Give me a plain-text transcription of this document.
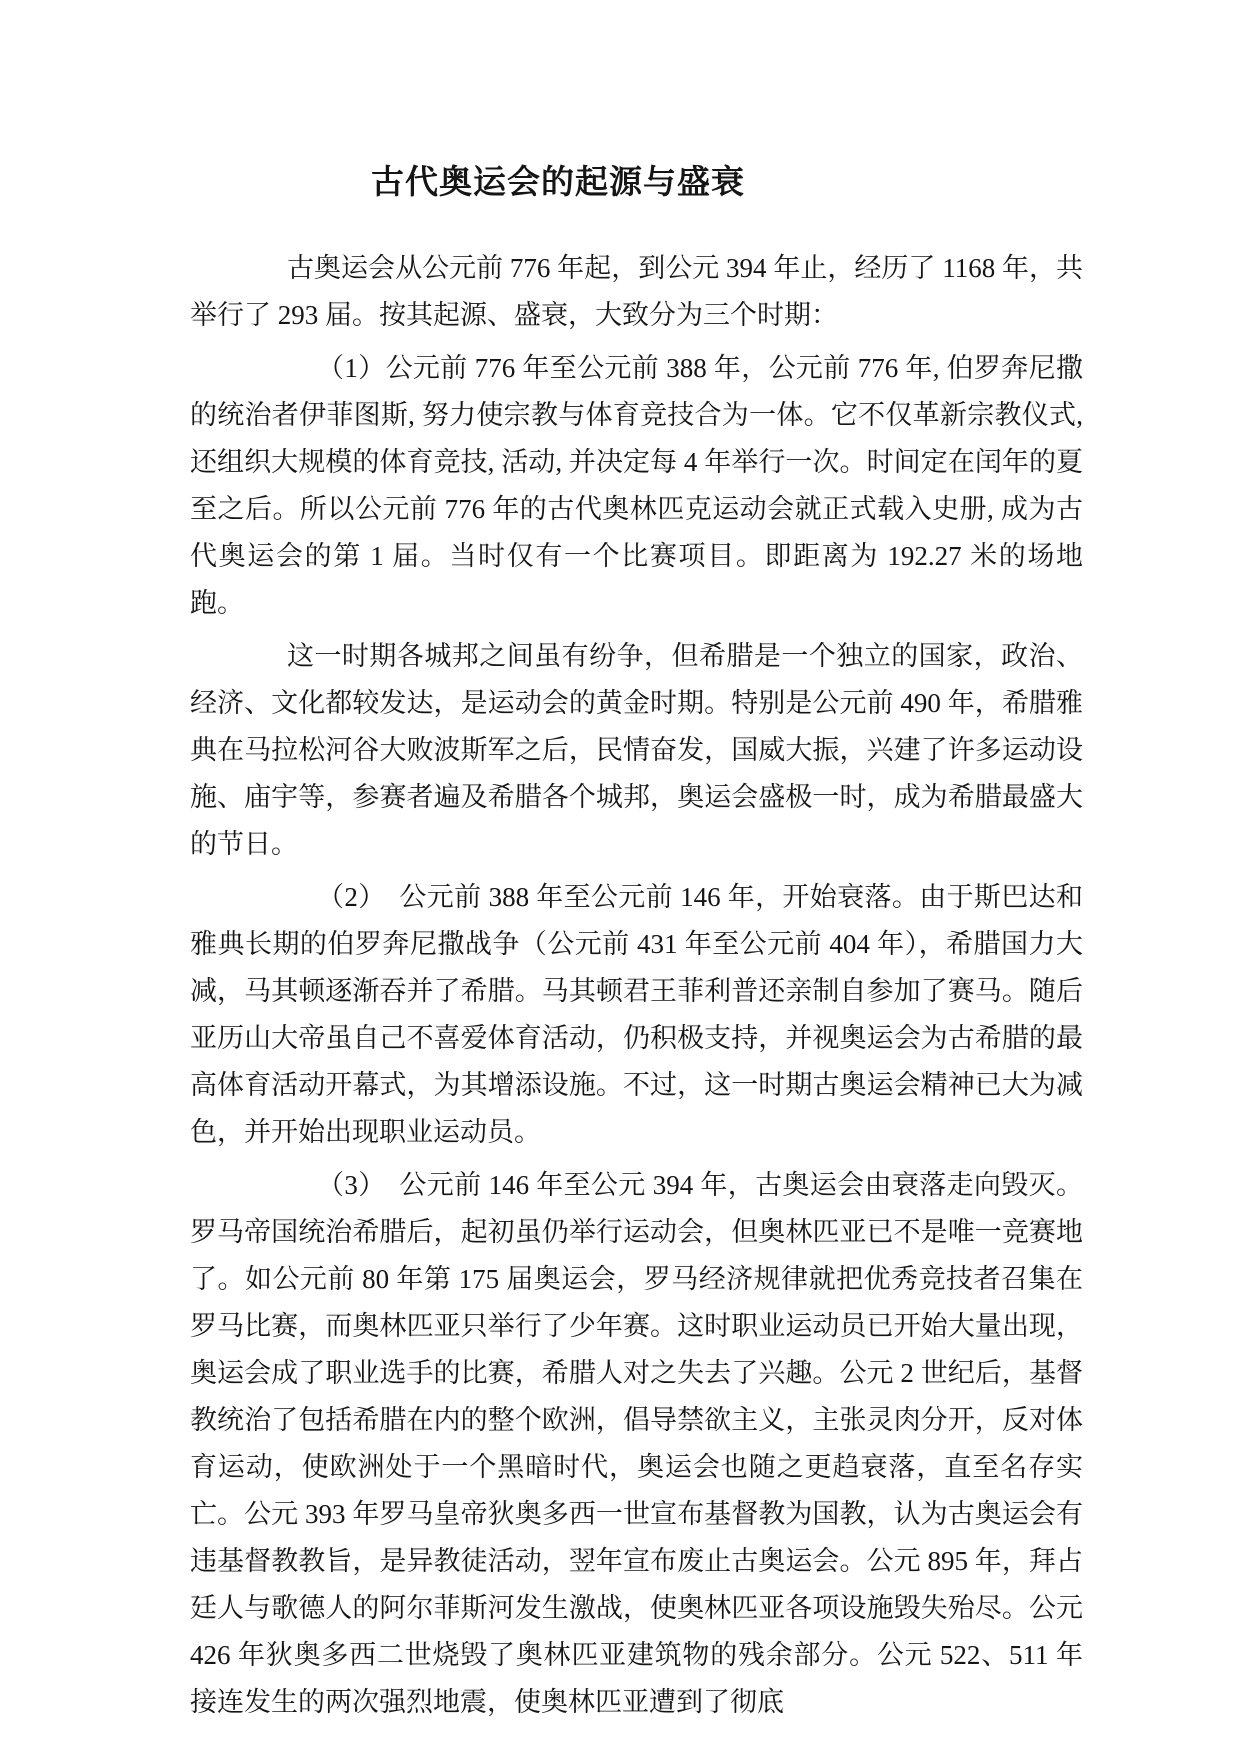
古代奥运会的起源与盛衰

古奥运会从公元前 776 年起，到公元 394 年止，经历了 1168 年，共举行了 293 届。按其起源、盛衰，大致分为三个时期：

（1）公元前 776 年至公元前 388 年，公元前 776 年, 伯罗奔尼撒的统治者伊菲图斯, 努力使宗教与体育竞技合为一体。它不仅革新宗教仪式, 还组织大规模的体育竞技, 活动, 并决定每 4 年举行一次。时间定在闰年的夏至之后。所以公元前 776 年的古代奥林匹克运动会就正式载入史册, 成为古代奥运会的第 1 届。当时仅有一个比赛项目。即距离为 192.27 米的场地跑。

这一时期各城邦之间虽有纷争，但希腊是一个独立的国家，政治、经济、文化都较发达，是运动会的黄金时期。特别是公元前 490 年，希腊雅典在马拉松河谷大败波斯军之后，民情奋发，国威大振，兴建了许多运动设施、庙宇等，参赛者遍及希腊各个城邦，奥运会盛极一时，成为希腊最盛大的节日。

（2）　公元前 388 年至公元前 146 年，开始衰落。由于斯巴达和雅典长期的伯罗奔尼撒战争（公元前 431 年至公元前 404 年），希腊国力大减，马其顿逐渐吞并了希腊。马其顿君王菲利普还亲制自参加了赛马。随后亚历山大帝虽自己不喜爱体育活动，仍积极支持，并视奥运会为古希腊的最高体育活动开幕式，为其增添设施。不过，这一时期古奥运会精神已大为减色，并开始出现职业运动员。

（3）　公元前 146 年至公元 394 年，古奥运会由衰落走向毁灭。罗马帝国统治希腊后，起初虽仍举行运动会，但奥林匹亚已不是唯一竞赛地了。如公元前 80 年第 175 届奥运会，罗马经济规律就把优秀竞技者召集在罗马比赛，而奥林匹亚只举行了少年赛。这时职业运动员已开始大量出现，奥运会成了职业选手的比赛，希腊人对之失去了兴趣。公元 2 世纪后，基督教统治了包括希腊在内的整个欧洲，倡导禁欲主义，主张灵肉分开，反对体育运动，使欧洲处于一个黑暗时代，奥运会也随之更趋衰落，直至名存实亡。公元 393 年罗马皇帝狄奥多西一世宣布基督教为国教，认为古奥运会有违基督教教旨，是异教徒活动，翌年宣布废止古奥运会。公元 895 年，拜占廷人与歌德人的阿尔菲斯河发生激战，使奥林匹亚各项设施毁失殆尽。公元 426 年狄奥多西二世烧毁了奥林匹亚建筑物的残余部分。公元 522、511 年接连发生的两次强烈地震，使奥林匹亚遭到了彻底
